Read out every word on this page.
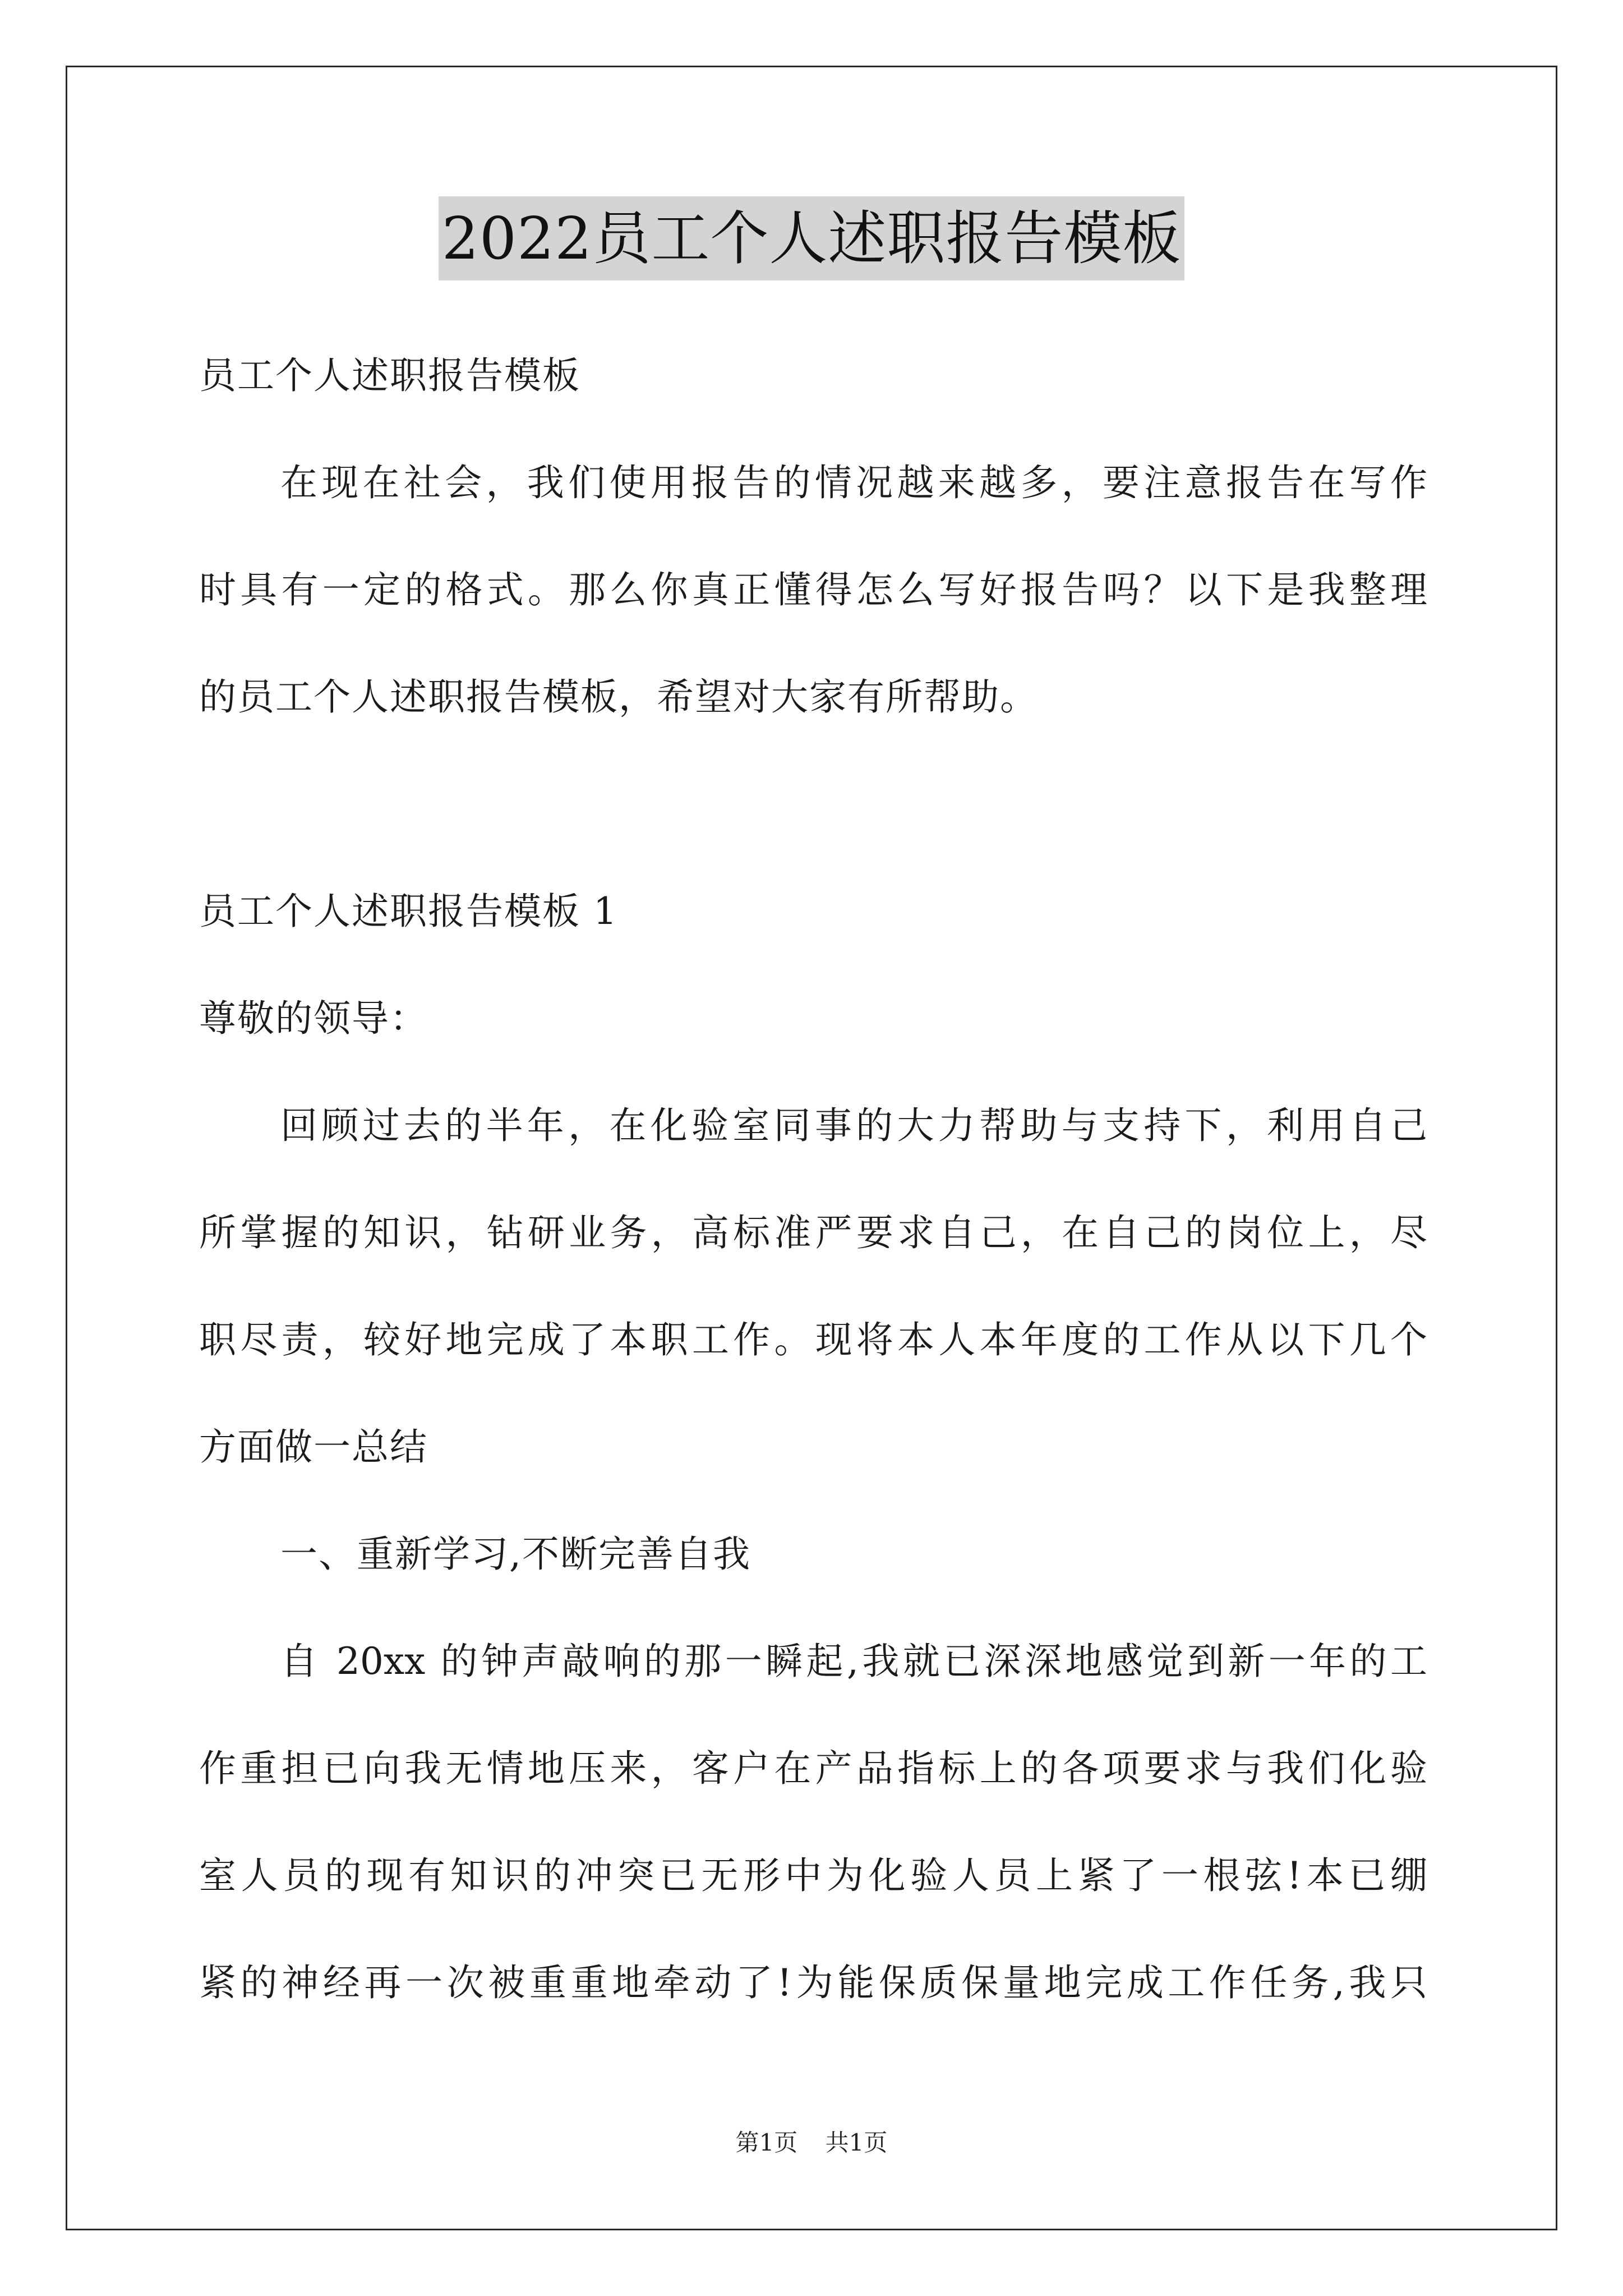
2022员工个人述职报告模板
员工个人述职报告模板
在现在社会，我们使用报告的情况越来越多，要注意报告在写作
时具有一定的格式。那么你真正懂得怎么写好报告吗？以下是我整理
的员工个人述职报告模板，希望对大家有所帮助。
员工个人述职报告模板 1
尊敬的领导：
回顾过去的半年，在化验室同事的大力帮助与支持下，利用自己
所掌握的知识，钻研业务，高标准严要求自己，在自己的岗位上，尽
职尽责，较好地完成了本职工作。现将本人本年度的工作从以下几个
方面做一总结
一、重新学习,不断完善自我
自 20xx 的钟声敲响的那一瞬起,我就已深深地感觉到新一年的工
作重担已向我无情地压来，客户在产品指标上的各项要求与我们化验
室人员的现有知识的冲突已无形中为化验人员上紧了一根弦!本已绷
紧的神经再一次被重重地牵动了!为能保质保量地完成工作任务,我只
第1页 共1页
